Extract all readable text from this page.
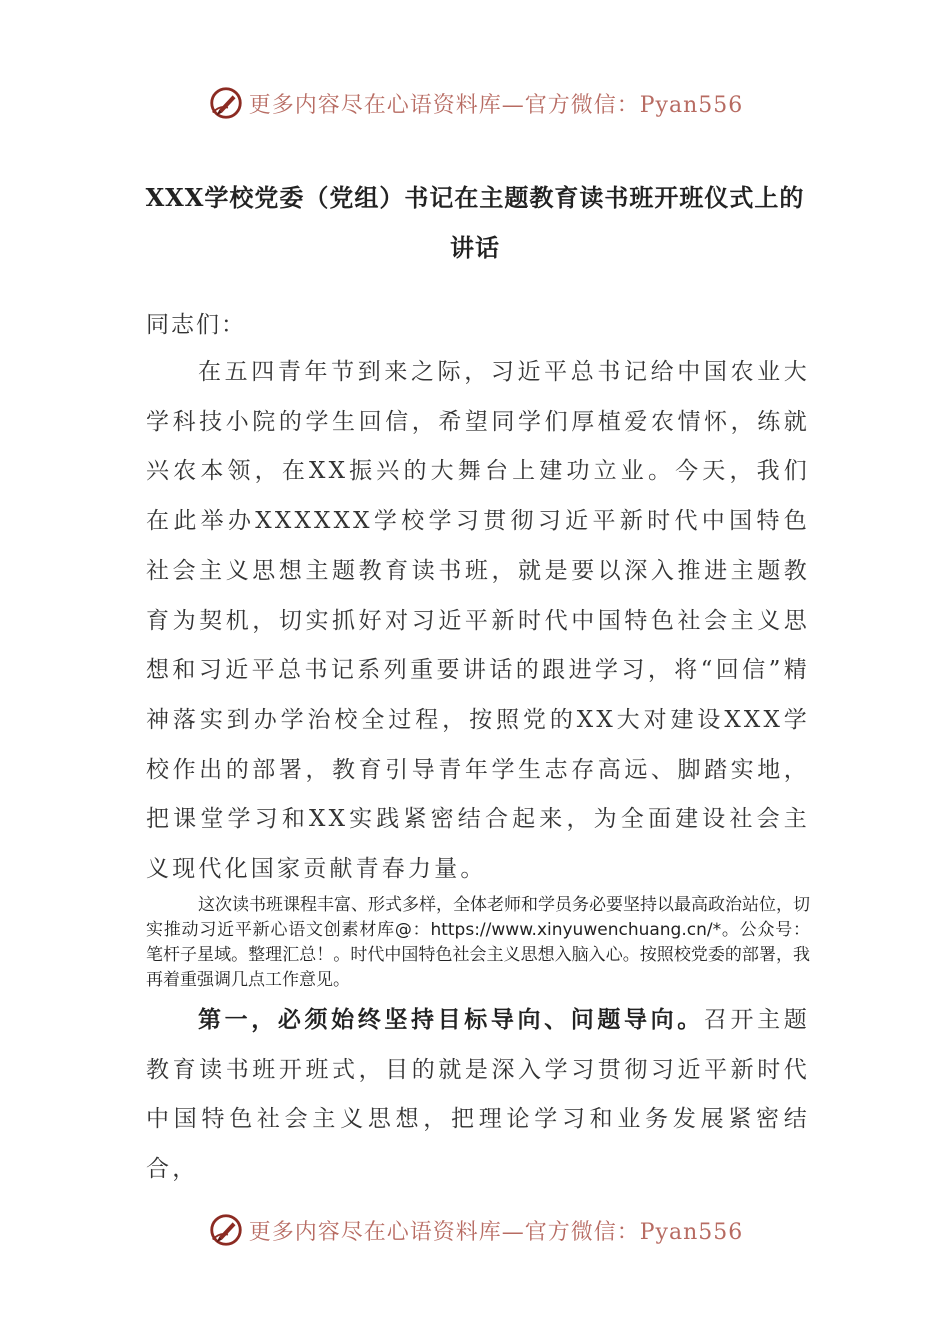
更多内容尽在心语资料库—官方微信：Pyan556
XXX学校党委（党组）书记在主题教育读书班开班仪式上的
讲话
同志们：

在五四青年节到来之际，习近平总书记给中国农业大学科技小院的学生回信，希望同学们厚植爱农情怀，练就兴农本领，在XX振兴的大舞台上建功立业。今天，我们在此举办XXXXXX学校学习贯彻习近平新时代中国特色社会主义思想主题教育读书班，就是要以深入推进主题教育为契机，切实抓好对习近平新时代中国特色社会主义思想和习近平总书记系列重要讲话的跟进学习，将“回信”精神落实到办学治校全过程，按照党的XX大对建设XXX学校作出的部署，教育引导青年学生志存高远、脚踏实地，把课堂学习和XX实践紧密结合起来，为全面建设社会主义现代化国家贡献青春力量。

这次读书班课程丰富、形式多样，全体老师和学员务必要坚持以最高政治站位，切实推动习近平新心语文创素材库@：https://www.xinyuwenchuang.cn/*。公众号：笔杆子星域。整理汇总！。时代中国特色社会主义思想入脑入心。按照校党委的部署，我再着重强调几点工作意见。

第一，必须始终坚持目标导向、问题导向。召开主题教育读书班开班式，目的就是深入学习贯彻习近平新时代中国特色社会主义思想，把理论学习和业务发展紧密结合，

更多内容尽在心语资料库—官方微信：Pyan556
